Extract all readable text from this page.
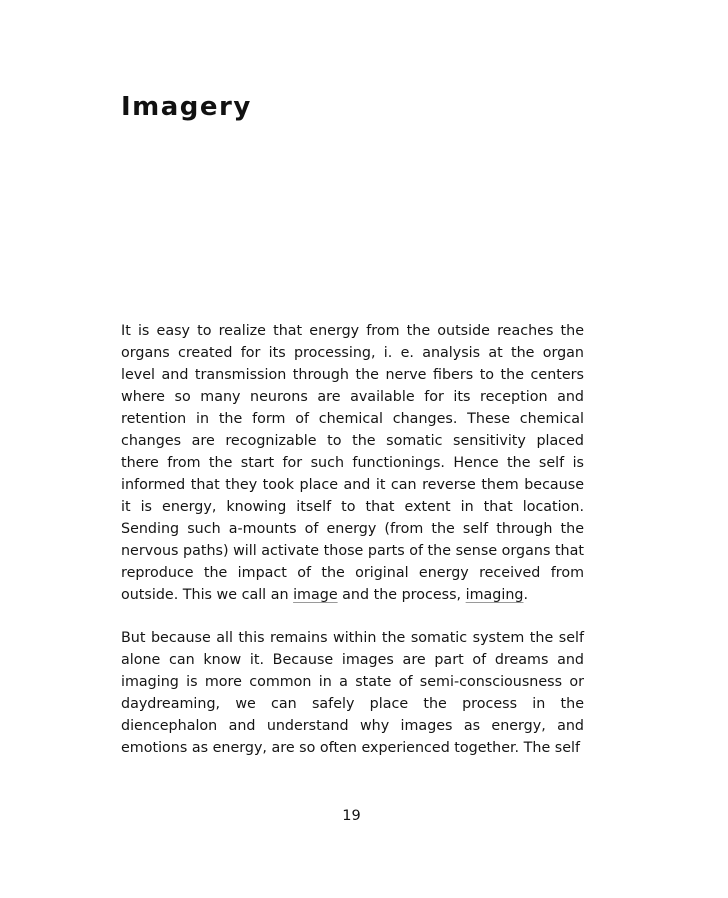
Imagery

It is easy to realize that energy from the outside reaches the organs created for its processing, i. e. analysis at the organ level and transmission through the nerve fibers to the centers where so many neurons are available for its reception and retention in the form of chemical changes. These chemical changes are recognizable to the somatic sensitivity placed there from the start for such functionings. Hence the self is informed that they took place and it can reverse them because it is energy, knowing itself to that extent in that location. Sending such a-mounts of energy (from the self through the nervous paths) will activate those parts of the sense organs that reproduce the impact of the original energy received from outside. This we call an image and the process, imaging.

But because all this remains within the somatic system the self alone can know it. Because images are part of dreams and imaging is more common in a state of semi-consciousness or daydreaming, we can safely place the process in the diencephalon and understand why images as energy, and emotions as energy, are so often experienced together. The self

19
